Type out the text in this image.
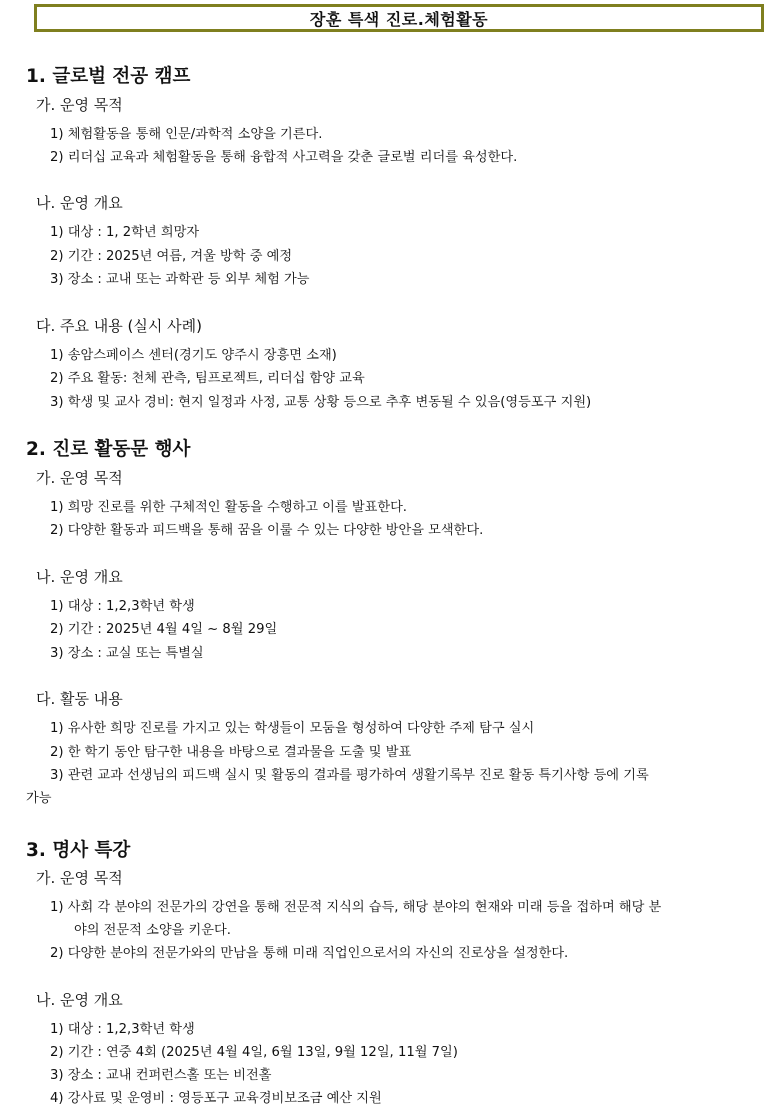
장훈 특색 진로.체험활동
1. 글로벌 전공 캠프
가. 운영 목적
1) 체험활동을 통해 인문/과학적 소양을 기른다.
2) 리더십 교육과 체험활동을 통해 융합적 사고력을 갖춘 글로벌 리더를 육성한다.
나. 운영 개요
1) 대상 : 1, 2학년 희망자
2) 기간 : 2025년 여름, 겨울 방학 중 예정
3) 장소 : 교내 또는 과학관 등 외부 체험 가능
다. 주요 내용 (실시 사례)
1) 송암스페이스 센터(경기도 양주시 장흥면 소재)
2) 주요 활동: 천체 관측, 팀프로젝트, 리더십 함양 교육
3) 학생 및 교사 경비: 현지 일정과 사정, 교통 상황 등으로 추후 변동될 수 있음(영등포구 지원)
2. 진로 활동문 행사
가. 운영 목적
1) 희망 진로를 위한 구체적인 활동을 수행하고 이를 발표한다.
2) 다양한 활동과 피드백을 통해 꿈을 이룰 수 있는 다양한 방안을 모색한다.
나. 운영 개요
1) 대상 : 1,2,3학년 학생
2) 기간 : 2025년 4월 4일 ~ 8월 29일
3) 장소 : 교실 또는 특별실
다. 활동 내용
1) 유사한 희망 진로를 가지고 있는 학생들이 모둠을 형성하여 다양한 주제 탐구 실시
2) 한 학기 동안 탐구한 내용을 바탕으로 결과물을 도출 및 발표
3) 관련 교과 선생님의 피드백 실시 및 활동의 결과를 평가하여 생활기록부 진로 활동 특기사항 등에 기록
가능
3. 명사 특강
가. 운영 목적
1) 사회 각 분야의 전문가의 강연을 통해 전문적 지식의 습득, 해당 분야의 현재와 미래 등을 접하며 해당 분
야의 전문적 소양을 키운다.
2) 다양한 분야의 전문가와의 만남을 통해 미래 직업인으로서의 자신의 진로상을 설정한다.
나. 운영 개요
1) 대상 : 1,2,3학년 학생
2) 기간 : 연중 4회 (2025년 4월 4일, 6월 13일, 9월 12일, 11월 7일)
3) 장소 : 교내 컨퍼런스홀 또는 비전홀
4) 강사료 및 운영비 : 영등포구 교육경비보조금 예산 지원
